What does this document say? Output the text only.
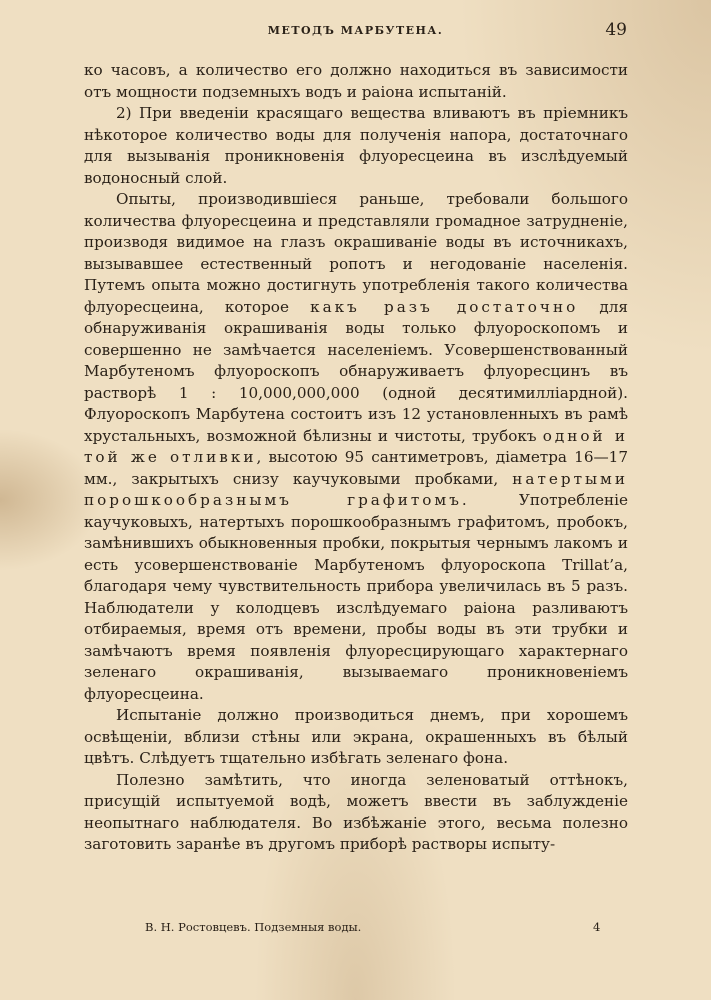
МЕТОДЪ МАРБУТЕНА.	49

ко часовъ, а количество его должно находиться въ зависимости отъ мощности подземныхъ водъ и раіона испытаній.

2) При введеніи красящаго вещества вливаютъ въ пріемникъ нѣкоторое количество воды для полученія напора, достаточнаго для вызыванія проникновенія флуоресцеина въ изслѣдуемый водоносный слой.

Опыты, производившіеся раньше, требовали большого количества флуоресцеина и представляли громадное затрудненіе, производя видимое на глазъ окрашиваніе воды въ источникахъ, вызывавшее естественный ропотъ и негодованіе населенія. Путемъ опыта можно достигнуть употребленія такого количества флуоресцеина, которое какъ разъ достаточно для обнаруживанія окрашиванія воды только флуороскопомъ и совершенно не замѣчается населеніемъ. Усовершенствованный Марбутеномъ флуороскопъ обнаруживаетъ флуоресцинъ въ растворѣ 1 : 10,000,000,000 (одной десятимилліардной). Флуороскопъ Марбутена состоитъ изъ 12 установленныхъ въ рамѣ хрустальныхъ, возможной бѣлизны и чистоты, трубокъ одной и той же отливки, высотою 95 сантиметровъ, діаметра 16—17 мм., закрытыхъ снизу каучуковыми пробками, натертыми порошкообразнымъ графитомъ. Употребленіе каучуковыхъ, натертыхъ порошкообразнымъ графитомъ, пробокъ, замѣнившихъ обыкновенныя пробки, покрытыя чернымъ лакомъ и есть усовершенствованіе Марбутеномъ флуороскопа Trillat’а, благодаря чему чувствительность прибора увеличилась въ 5 разъ. Наблюдатели у колодцевъ изслѣдуемаго раіона разливаютъ отбираемыя, время отъ времени, пробы воды въ эти трубки и замѣчаютъ время появленія флуоресцирующаго характернаго зеленаго окрашиванія, вызываемаго проникновеніемъ флуоресцеина.

Испытаніе должно производиться днемъ, при хорошемъ освѣщеніи, вблизи стѣны или экрана, окрашенныхъ въ бѣлый цвѣтъ. Слѣдуетъ тщательно избѣгать зеленаго фона.

Полезно замѣтить, что иногда зеленоватый оттѣнокъ, присущій испытуемой водѣ, можетъ ввести въ заблужденіе неопытнаго наблюдателя. Во избѣжаніе этого, весьма полезно заготовить заранѣе въ другомъ приборѣ растворы испыту-

В. Н. Ростовцевъ. Подземныя воды.	4
